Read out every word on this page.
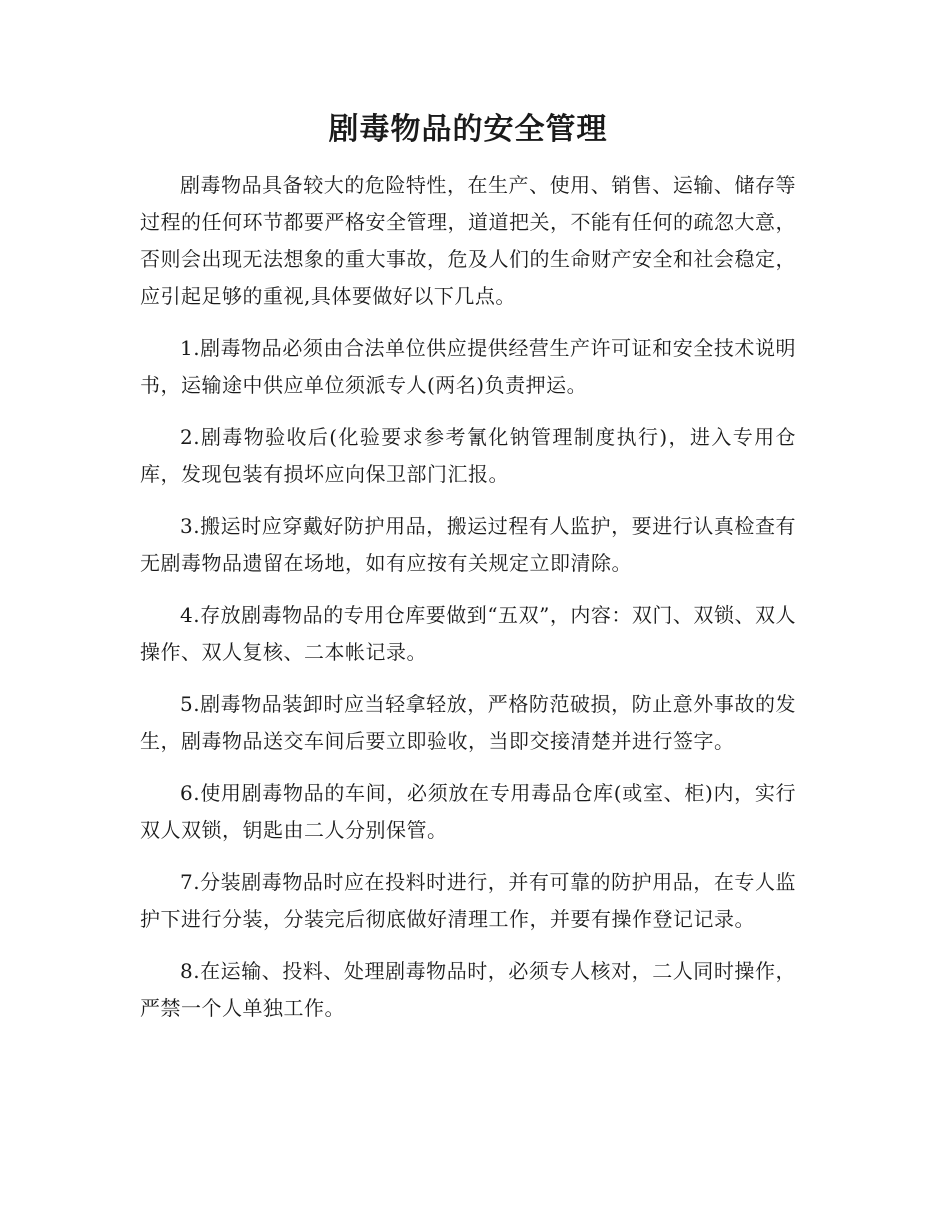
剧毒物品的安全管理

剧毒物品具备较大的危险特性，在生产、使用、销售、运输、储存等过程的任何环节都要严格安全管理，道道把关，不能有任何的疏忽大意，否则会出现无法想象的重大事故，危及人们的生命财产安全和社会稳定，应引起足够的重视,具体要做好以下几点。

1.剧毒物品必须由合法单位供应提供经营生产许可证和安全技术说明书，运输途中供应单位须派专人(两名)负责押运。

2.剧毒物验收后(化验要求参考氰化钠管理制度执行)，进入专用仓库，发现包装有损坏应向保卫部门汇报。

3.搬运时应穿戴好防护用品，搬运过程有人监护，要进行认真检查有无剧毒物品遗留在场地，如有应按有关规定立即清除。

4.存放剧毒物品的专用仓库要做到“五双”，内容：双门、双锁、双人操作、双人复核、二本帐记录。

5.剧毒物品装卸时应当轻拿轻放，严格防范破损，防止意外事故的发生，剧毒物品送交车间后要立即验收，当即交接清楚并进行签字。

6.使用剧毒物品的车间，必须放在专用毒品仓库(或室、柜)内，实行双人双锁，钥匙由二人分别保管。

7.分装剧毒物品时应在投料时进行，并有可靠的防护用品，在专人监护下进行分装，分装完后彻底做好清理工作，并要有操作登记记录。

8.在运输、投料、处理剧毒物品时，必须专人核对，二人同时操作，严禁一个人单独工作。
